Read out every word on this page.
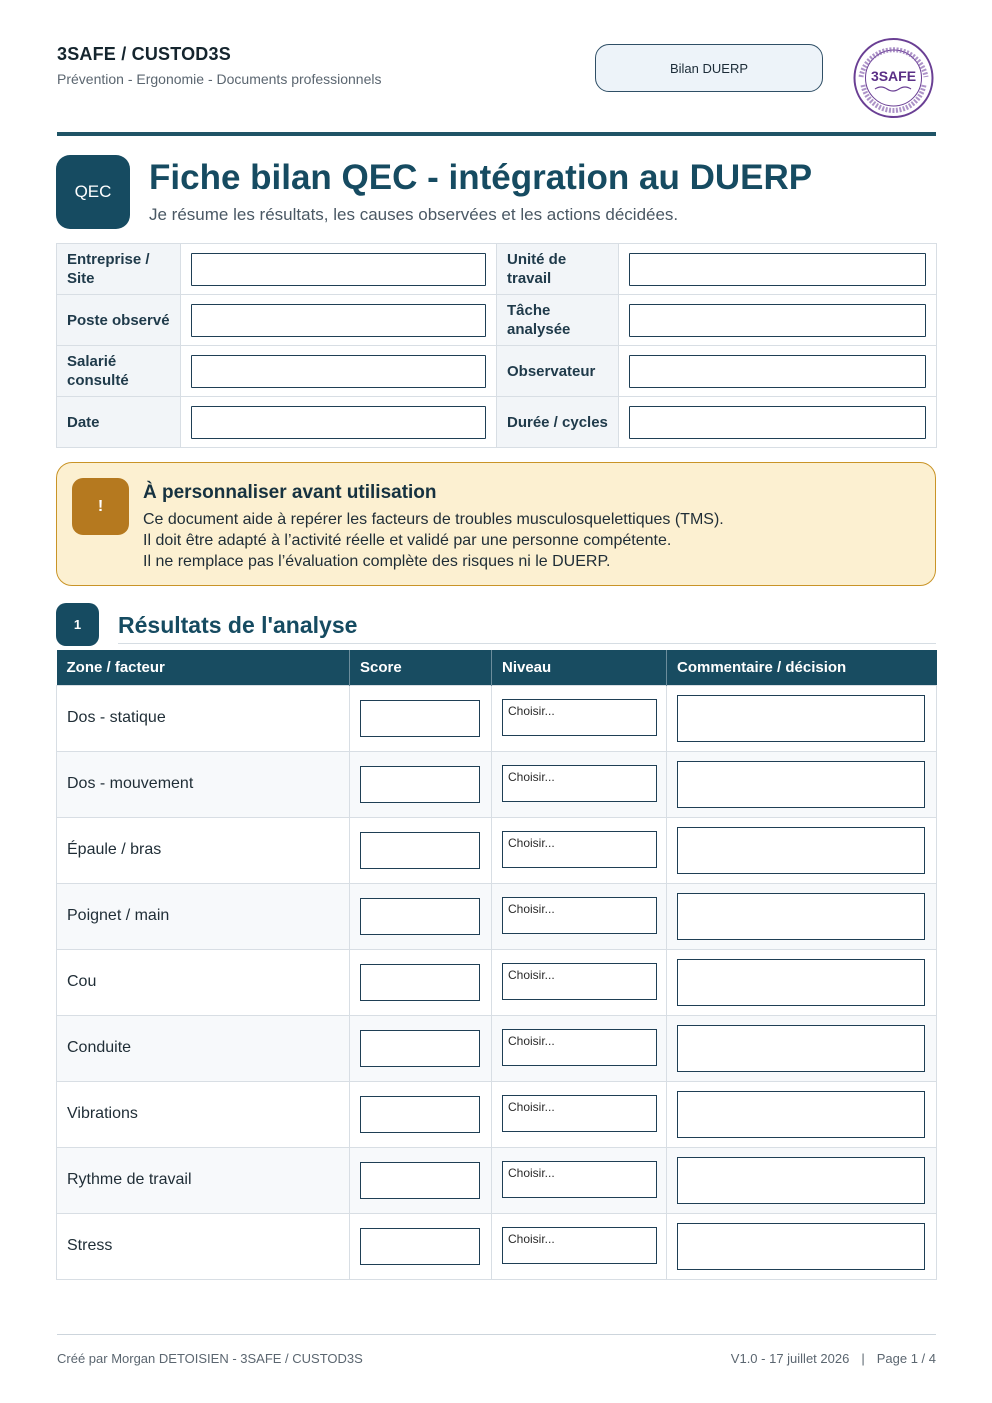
3SAFE / CUSTOD3S
Prévention - Ergonomie - Documents professionnels
Bilan DUERP	3SAFE
QEC	Fiche bilan QEC - intégration au DUERP
Je résume les résultats, les causes observées et les actions décidées.
Entreprise / Site		Unité de travail	

Poste observé		Tâche analysée	

Salarié consulté		Observateur	

Date		Durée / cycles	
!
À personnaliser avant utilisation
Ce document aide à repérer les facteurs de troubles musculosquelettiques (TMS).
Il doit être adapté à l’activité réelle et validé par une personne compétente.
Il ne remplace pas l’évaluation complète des risques ni le DUERP.
1	Résultats de l'analyse
Zone / facteur	Score	Niveau	Commentaire / décision
Dos - statique		Choisir...	

Dos - mouvement		Choisir...	

Épaule / bras		Choisir...	

Poignet / main		Choisir...	

Cou		Choisir...	

Conduite		Choisir...	

Vibrations		Choisir...	

Rythme de travail		Choisir...	

Stress		Choisir...	

Créé par Morgan DETOISIEN - 3SAFE / CUSTOD3S	V1.0 - 17 juillet 2026 | Page 1 / 4
